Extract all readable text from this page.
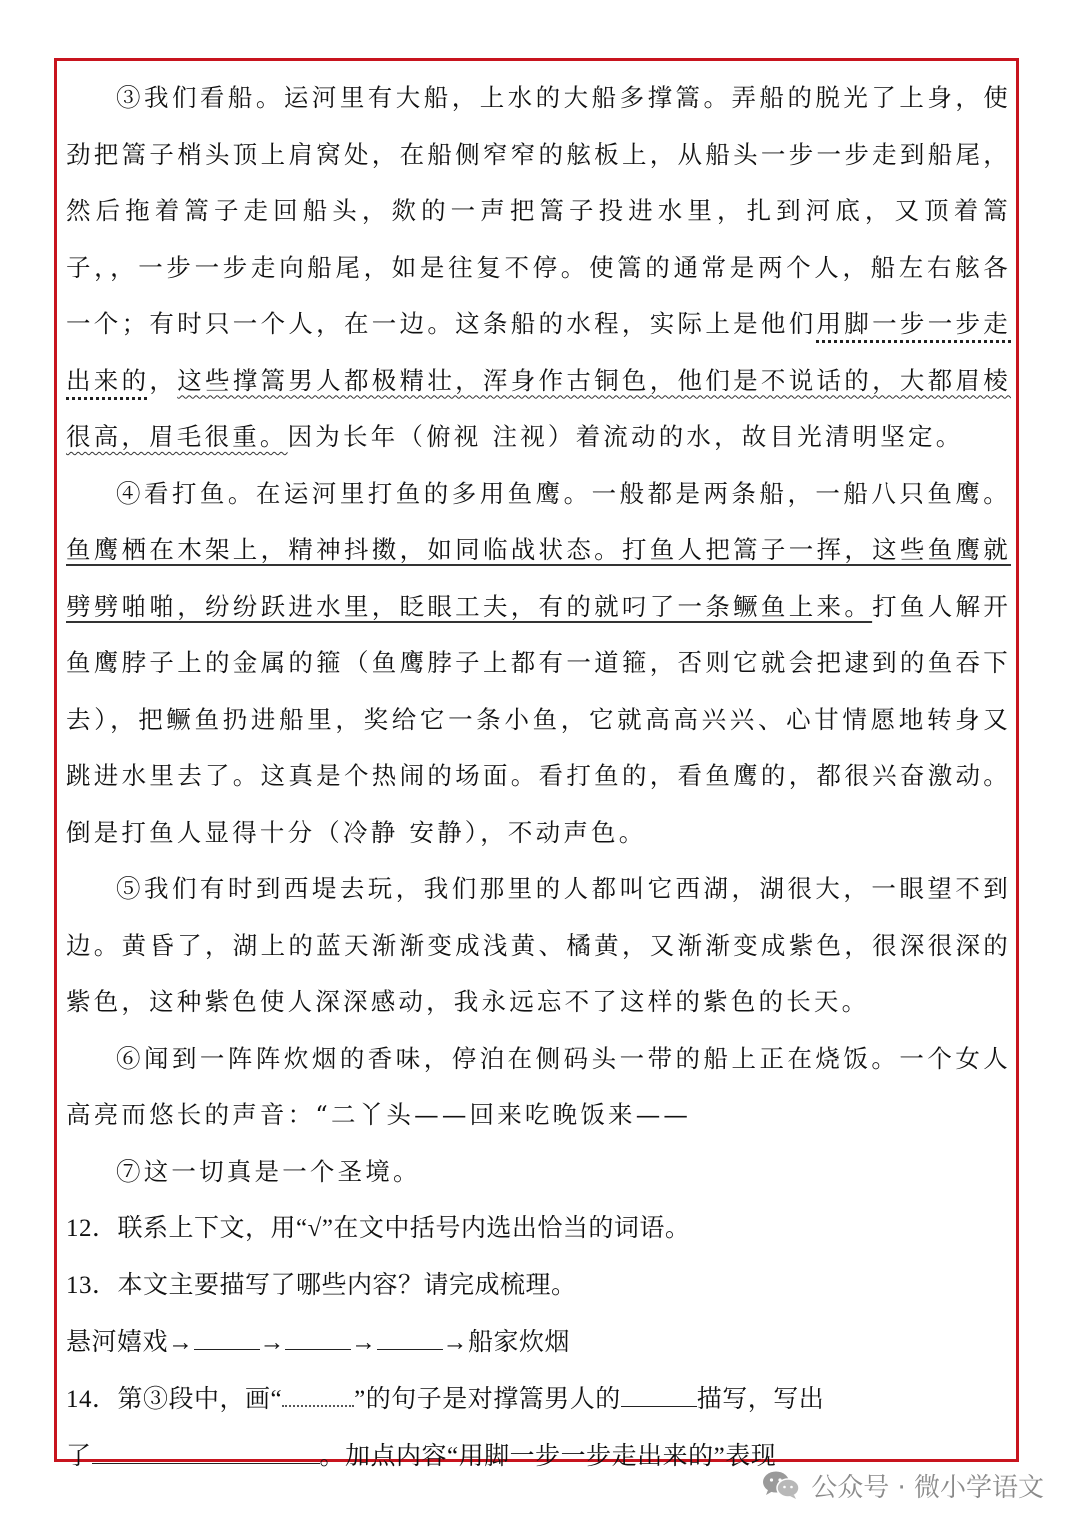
③我们看船。运河里有大船，上水的大船多撑篙。弄船的脱光了上身，使劲把篙子梢头顶上肩窝处，在船侧窄窄的舷板上，从船头一步一步走到船尾，然后拖着篙子走回船头，欻的一声把篙子投进水里，扎到河底，又顶着篙子，，一步一步走向船尾，如是往复不停。使篙的通常是两个人，船左右舷各一个；有时只一个人，在一边。这条船的水程，实际上是他们用脚一步一步走出来的，这些撑篙男人都极精壮，浑身作古铜色，他们是不说话的，大都眉棱很高，眉毛很重。因为长年（俯视 注视）着流动的水，故目光清明坚定。

④看打鱼。在运河里打鱼的多用鱼鹰。一般都是两条船，一船八只鱼鹰。鱼鹰栖在木架上，精神抖擞，如同临战状态。打鱼人把篙子一挥，这些鱼鹰就劈劈啪啪，纷纷跃进水里，眨眼工夫，有的就叼了一条鳜鱼上来。打鱼人解开鱼鹰脖子上的金属的箍（鱼鹰脖子上都有一道箍，否则它就会把逮到的鱼吞下去），把鳜鱼扔进船里，奖给它一条小鱼，它就高高兴兴、心甘情愿地转身又跳进水里去了。这真是个热闹的场面。看打鱼的，看鱼鹰的，都很兴奋激动。倒是打鱼人显得十分（冷静 安静），不动声色。

⑤我们有时到西堤去玩，我们那里的人都叫它西湖，湖很大，一眼望不到边。黄昏了，湖上的蓝天渐渐变成浅黄、橘黄，又渐渐变成紫色，很深很深的紫色，这种紫色使人深深感动，我永远忘不了这样的紫色的长天。

⑥闻到一阵阵炊烟的香味，停泊在侧码头一带的船上正在烧饭。一个女人高亮而悠长的声音：“二丫头——回来吃晚饭来——

⑦这一切真是一个圣境。

12．联系上下文，用“√”在文中括号内选出恰当的词语。

13．本文主要描写了哪些内容？请完成梳理。

悬河嬉戏→	→	→	→船家炊烟

14．第③段中，画“	”的句子是对撑篙男人的	描写，写出

了	。加点内容“用脚一步一步走出来的”表现

公众号 · 微小学语文
